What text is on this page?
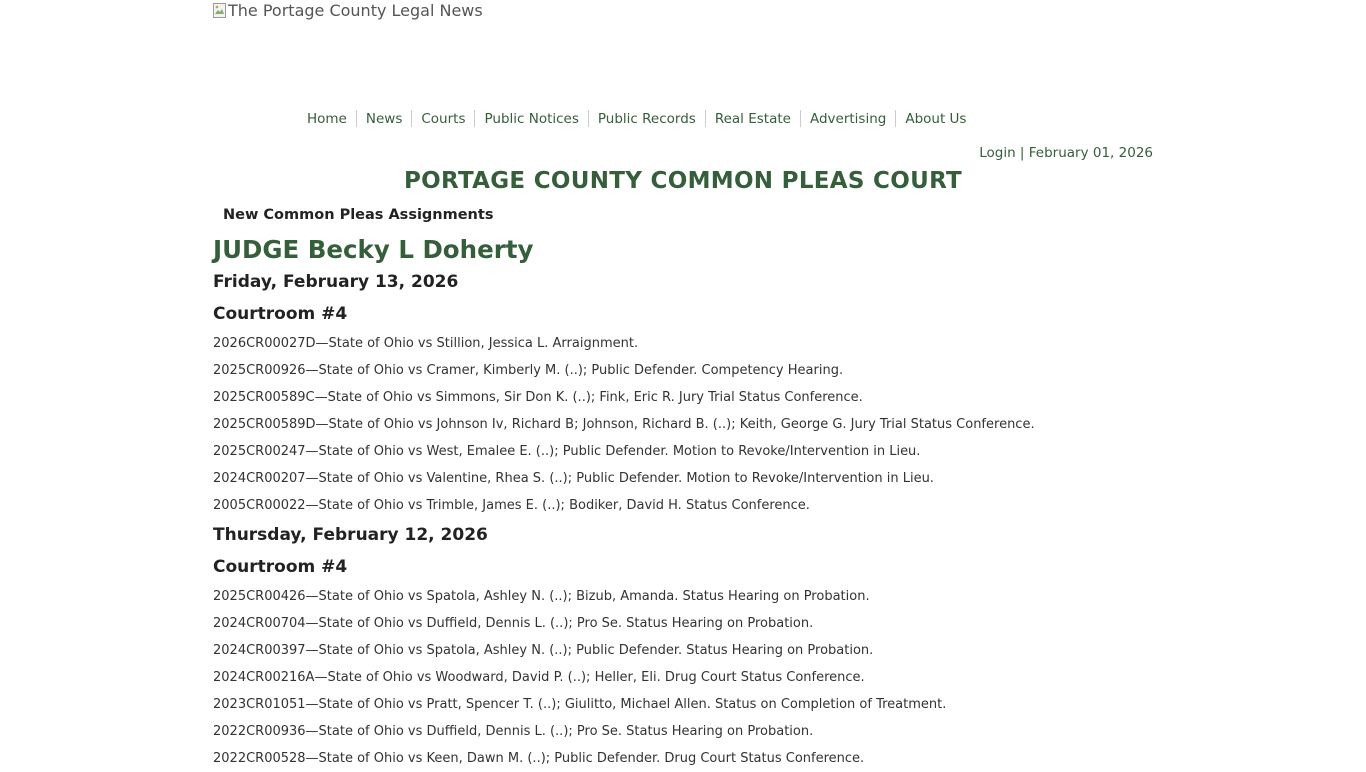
The Portage County Legal News
Home	News	Courts	Public Notices	Public Records	Real Estate	Advertising	About Us
Login | February 01, 2026
PORTAGE COUNTY COMMON PLEAS COURT
New Common Pleas Assignments
JUDGE Becky L Doherty
Friday, February 13, 2026
Courtroom #4

2026CR00027D—State of Ohio vs Stillion, Jessica L. Arraignment.

2025CR00926—State of Ohio vs Cramer, Kimberly M. (..); Public Defender. Competency Hearing.

2025CR00589C—State of Ohio vs Simmons, Sir Don K. (..); Fink, Eric R. Jury Trial Status Conference.

2025CR00589D—State of Ohio vs Johnson Iv, Richard B; Johnson, Richard B. (..); Keith, George G. Jury Trial Status Conference.

2025CR00247—State of Ohio vs West, Emalee E. (..); Public Defender. Motion to Revoke/Intervention in Lieu.

2024CR00207—State of Ohio vs Valentine, Rhea S. (..); Public Defender. Motion to Revoke/Intervention in Lieu.

2005CR00022—State of Ohio vs Trimble, James E. (..); Bodiker, David H. Status Conference.

Thursday, February 12, 2026
Courtroom #4

2025CR00426—State of Ohio vs Spatola, Ashley N. (..); Bizub, Amanda. Status Hearing on Probation.

2024CR00704—State of Ohio vs Duffield, Dennis L. (..); Pro Se. Status Hearing on Probation.

2024CR00397—State of Ohio vs Spatola, Ashley N. (..); Public Defender. Status Hearing on Probation.

2024CR00216A—State of Ohio vs Woodward, David P. (..); Heller, Eli. Drug Court Status Conference.

2023CR01051—State of Ohio vs Pratt, Spencer T. (..); Giulitto, Michael Allen. Status on Completion of Treatment.

2022CR00936—State of Ohio vs Duffield, Dennis L. (..); Pro Se. Status Hearing on Probation.

2022CR00528—State of Ohio vs Keen, Dawn M. (..); Public Defender. Drug Court Status Conference.
